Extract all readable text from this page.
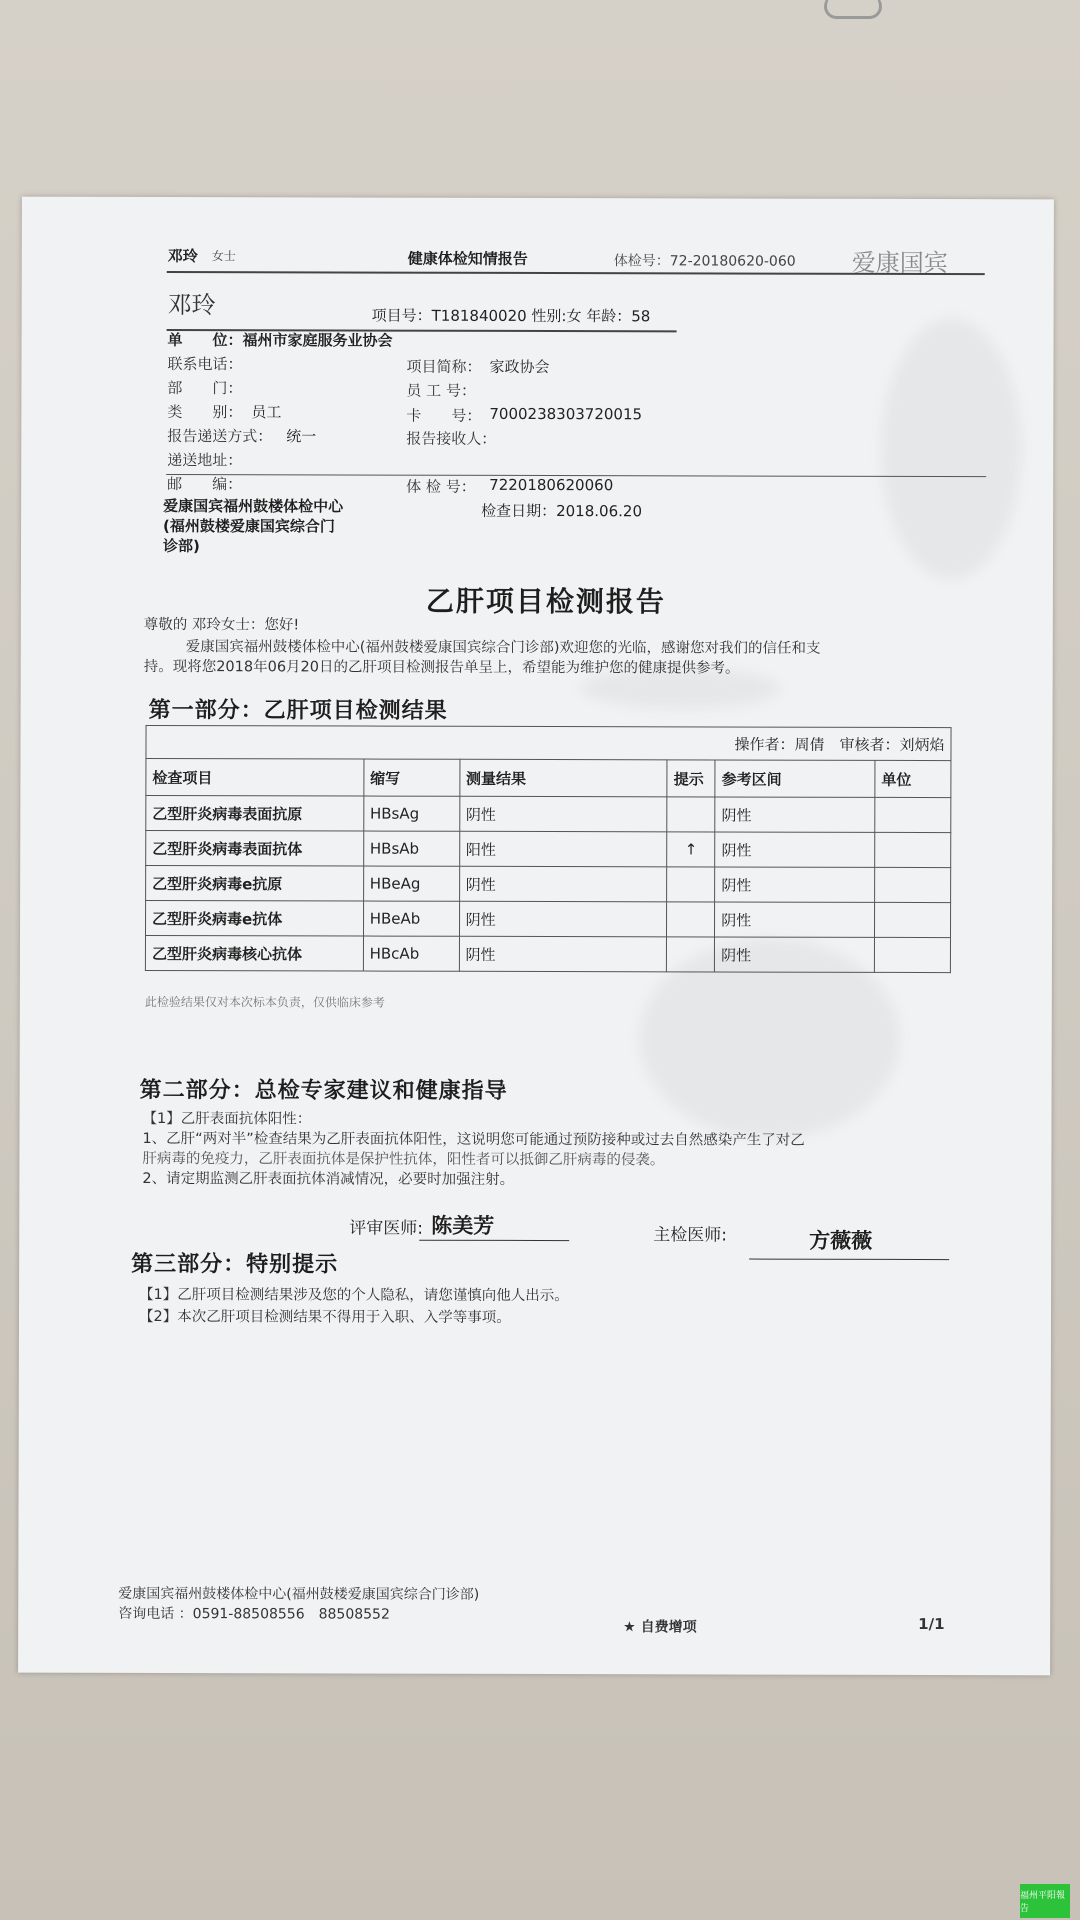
邓玲 女士	健康体检知情报告	体检号：72-20180620-060 爱康国宾
邓玲	项目号：T181840020 性别:女 年龄：58
单　　位：福州市家庭服务业协会
联系电话：	项目简称： 家政协会
部　　门：	员 工 号：
类　　别： 员工	卡　　号： 7000238303720015
报告递送方式： 统一	报告接收人：
递送地址：
邮　　编：	体 检 号： 7220180620060
爱康国宾福州鼓楼体检中心
(福州鼓楼爱康国宾综合门
诊部)
检查日期：2018.06.20
乙肝项目检测报告
尊敬的 邓玲女士：您好!
爱康国宾福州鼓楼体检中心(福州鼓楼爱康国宾综合门诊部)欢迎您的光临，感谢您对我们的信任和支
持。现将您2018年06月20日的乙肝项目检测报告单呈上，希望能为维护您的健康提供参考。
第一部分：乙肝项目检测结果
操作者：周倩　审核者：刘炳焰					
检查项目	缩写	测量结果	提示	参考区间	单位
乙型肝炎病毒表面抗原	HBsAg	阴性		阴性	
乙型肝炎病毒表面抗体	HBsAb	阳性	↑	阴性	
乙型肝炎病毒e抗原	HBeAg	阴性		阴性	
乙型肝炎病毒e抗体	HBeAb	阴性		阴性	
乙型肝炎病毒核心抗体	HBcAb	阴性		阴性	
此检验结果仅对本次标本负责，仅供临床参考
第二部分：总检专家建议和健康指导
【1】乙肝表面抗体阳性：
1、乙肝“两对半”检查结果为乙肝表面抗体阳性，这说明您可能通过预防接种或过去自然感染产生了对乙
肝病毒的免疫力，乙肝表面抗体是保护性抗体，阳性者可以抵御乙肝病毒的侵袭。
2、请定期监测乙肝表面抗体消减情况，必要时加强注射。
评审医师: 陈美芳	主检医师:	方薇薇
第三部分：特别提示
【1】乙肝项目检测结果涉及您的个人隐私，请您谨慎向他人出示。
【2】本次乙肝项目检测结果不得用于入职、入学等事项。
爱康国宾福州鼓楼体检中心(福州鼓楼爱康国宾综合门诊部)
咨询电话 ：0591-88508556　88508552
★ 自费增项	1/1
福州平阳報告
